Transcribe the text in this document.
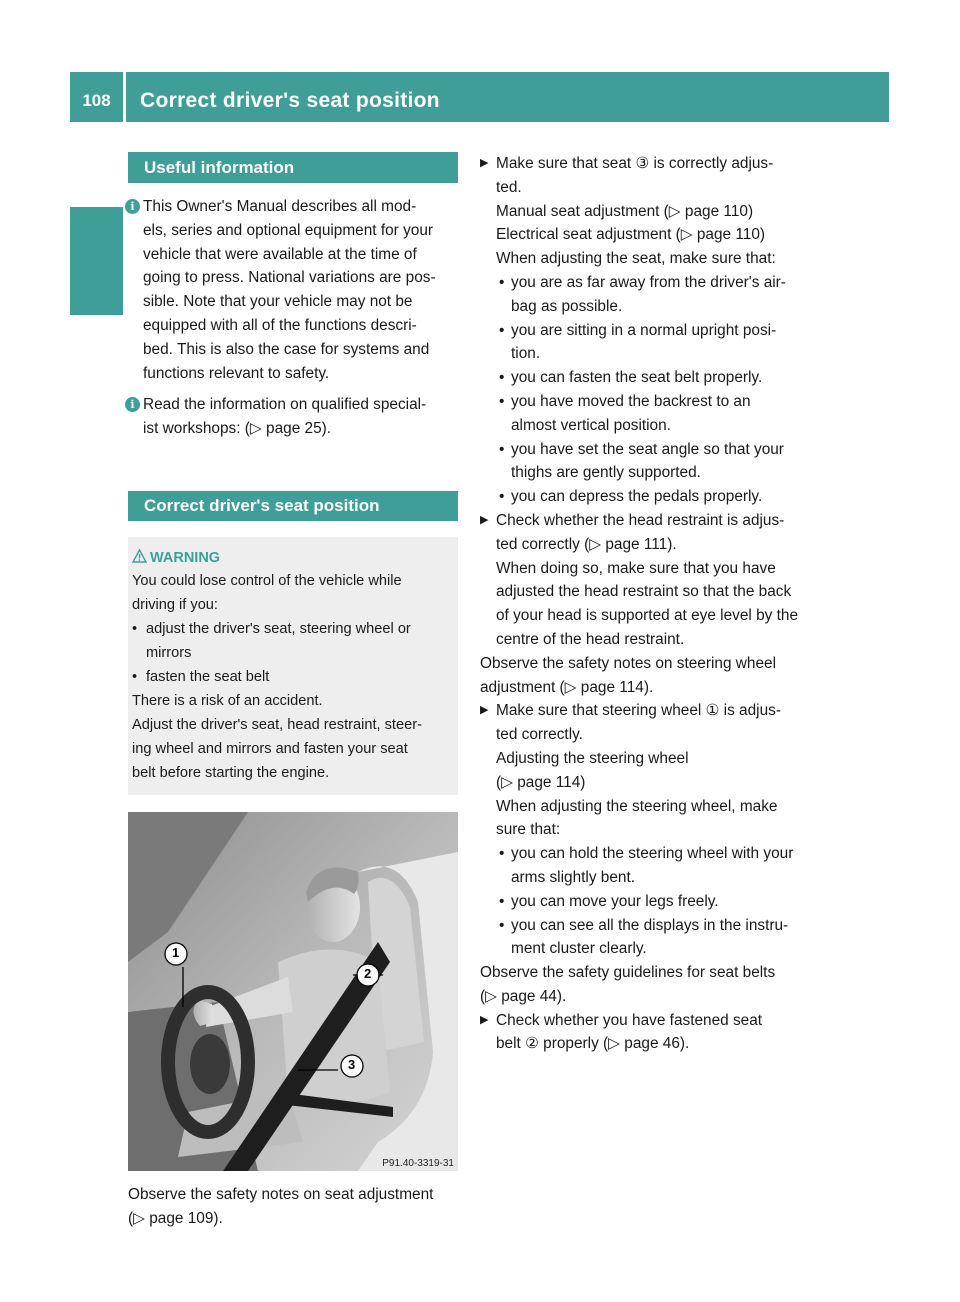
108	Correct driver's seat position
Useful information
i This Owner's Manual describes all mod-

els, series and optional equipment for your

vehicle that were available at the time of

going to press. National variations are pos-

sible. Note that your vehicle may not be

equipped with all of the functions descri-

bed. This is also the case for systems and

functions relevant to safety.

i Read the information on qualified special-

ist workshops: (▷ page 25).

Correct driver's seat position
WARNING

You could lose control of the vehicle while

driving if you:

• adjust the driver's seat, steering wheel or
mirrors
• fasten the seat belt

There is a risk of an accident.

Adjust the driver's seat, head restraint, steer-

ing wheel and mirrors and fasten your seat

belt before starting the engine.

1
2
3
P91.40-3319-31

Observe the safety notes on seat adjustment

(▷ page 109).

▶ Make sure that seat ③ is correctly adjus-
ted.

Manual seat adjustment (▷ page 110)

Electrical seat adjustment (▷ page 110)

When adjusting the seat, make sure that:

• you are as far away from the driver's air-
bag as possible.
• you are sitting in a normal upright posi-
tion.
• you can fasten the seat belt properly.
• you have moved the backrest to an
almost vertical position.
• you have set the seat angle so that your
thighs are gently supported.
• you can depress the pedals properly.
▶ Check whether the head restraint is adjus-
ted correctly (▷ page 111).

When doing so, make sure that you have

adjusted the head restraint so that the back

of your head is supported at eye level by the

centre of the head restraint.

Observe the safety notes on steering wheel

adjustment (▷ page 114).

▶ Make sure that steering wheel ① is adjus-
ted correctly.

Adjusting the steering wheel

(▷ page 114)

When adjusting the steering wheel, make

sure that:

• you can hold the steering wheel with your
arms slightly bent.
• you can move your legs freely.
• you can see all the displays in the instru-
ment cluster clearly.

Observe the safety guidelines for seat belts

(▷ page 44).

▶ Check whether you have fastened seat
belt ② properly (▷ page 46).
